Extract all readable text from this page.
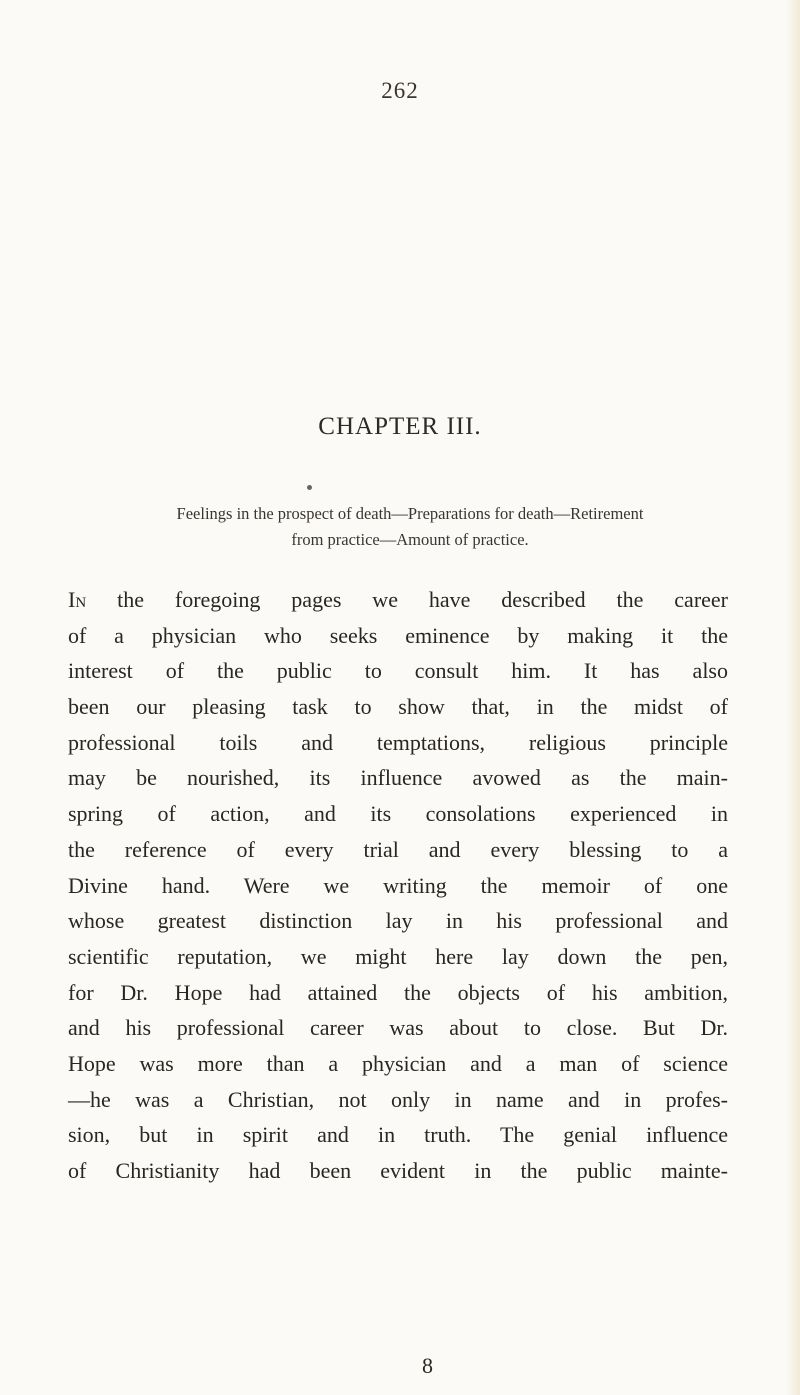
262
CHAPTER III.
Feelings in the prospect of death—Preparations for death—Retirement
from practice—Amount of practice.
In the foregoing pages we have described the career
of a physician who seeks eminence by making it the
interest of the public to consult him. It has also
been our pleasing task to show that, in the midst of
professional toils and temptations, religious principle
may be nourished, its influence avowed as the main-
spring of action, and its consolations experienced in
the reference of every trial and every blessing to a
Divine hand. Were we writing the memoir of one
whose greatest distinction lay in his professional and
scientific reputation, we might here lay down the pen,
for Dr. Hope had attained the objects of his ambition,
and his professional career was about to close. But Dr.
Hope was more than a physician and a man of science
—he was a Christian, not only in name and in profes-
sion, but in spirit and in truth. The genial influence
of Christianity had been evident in the public mainte-
8
